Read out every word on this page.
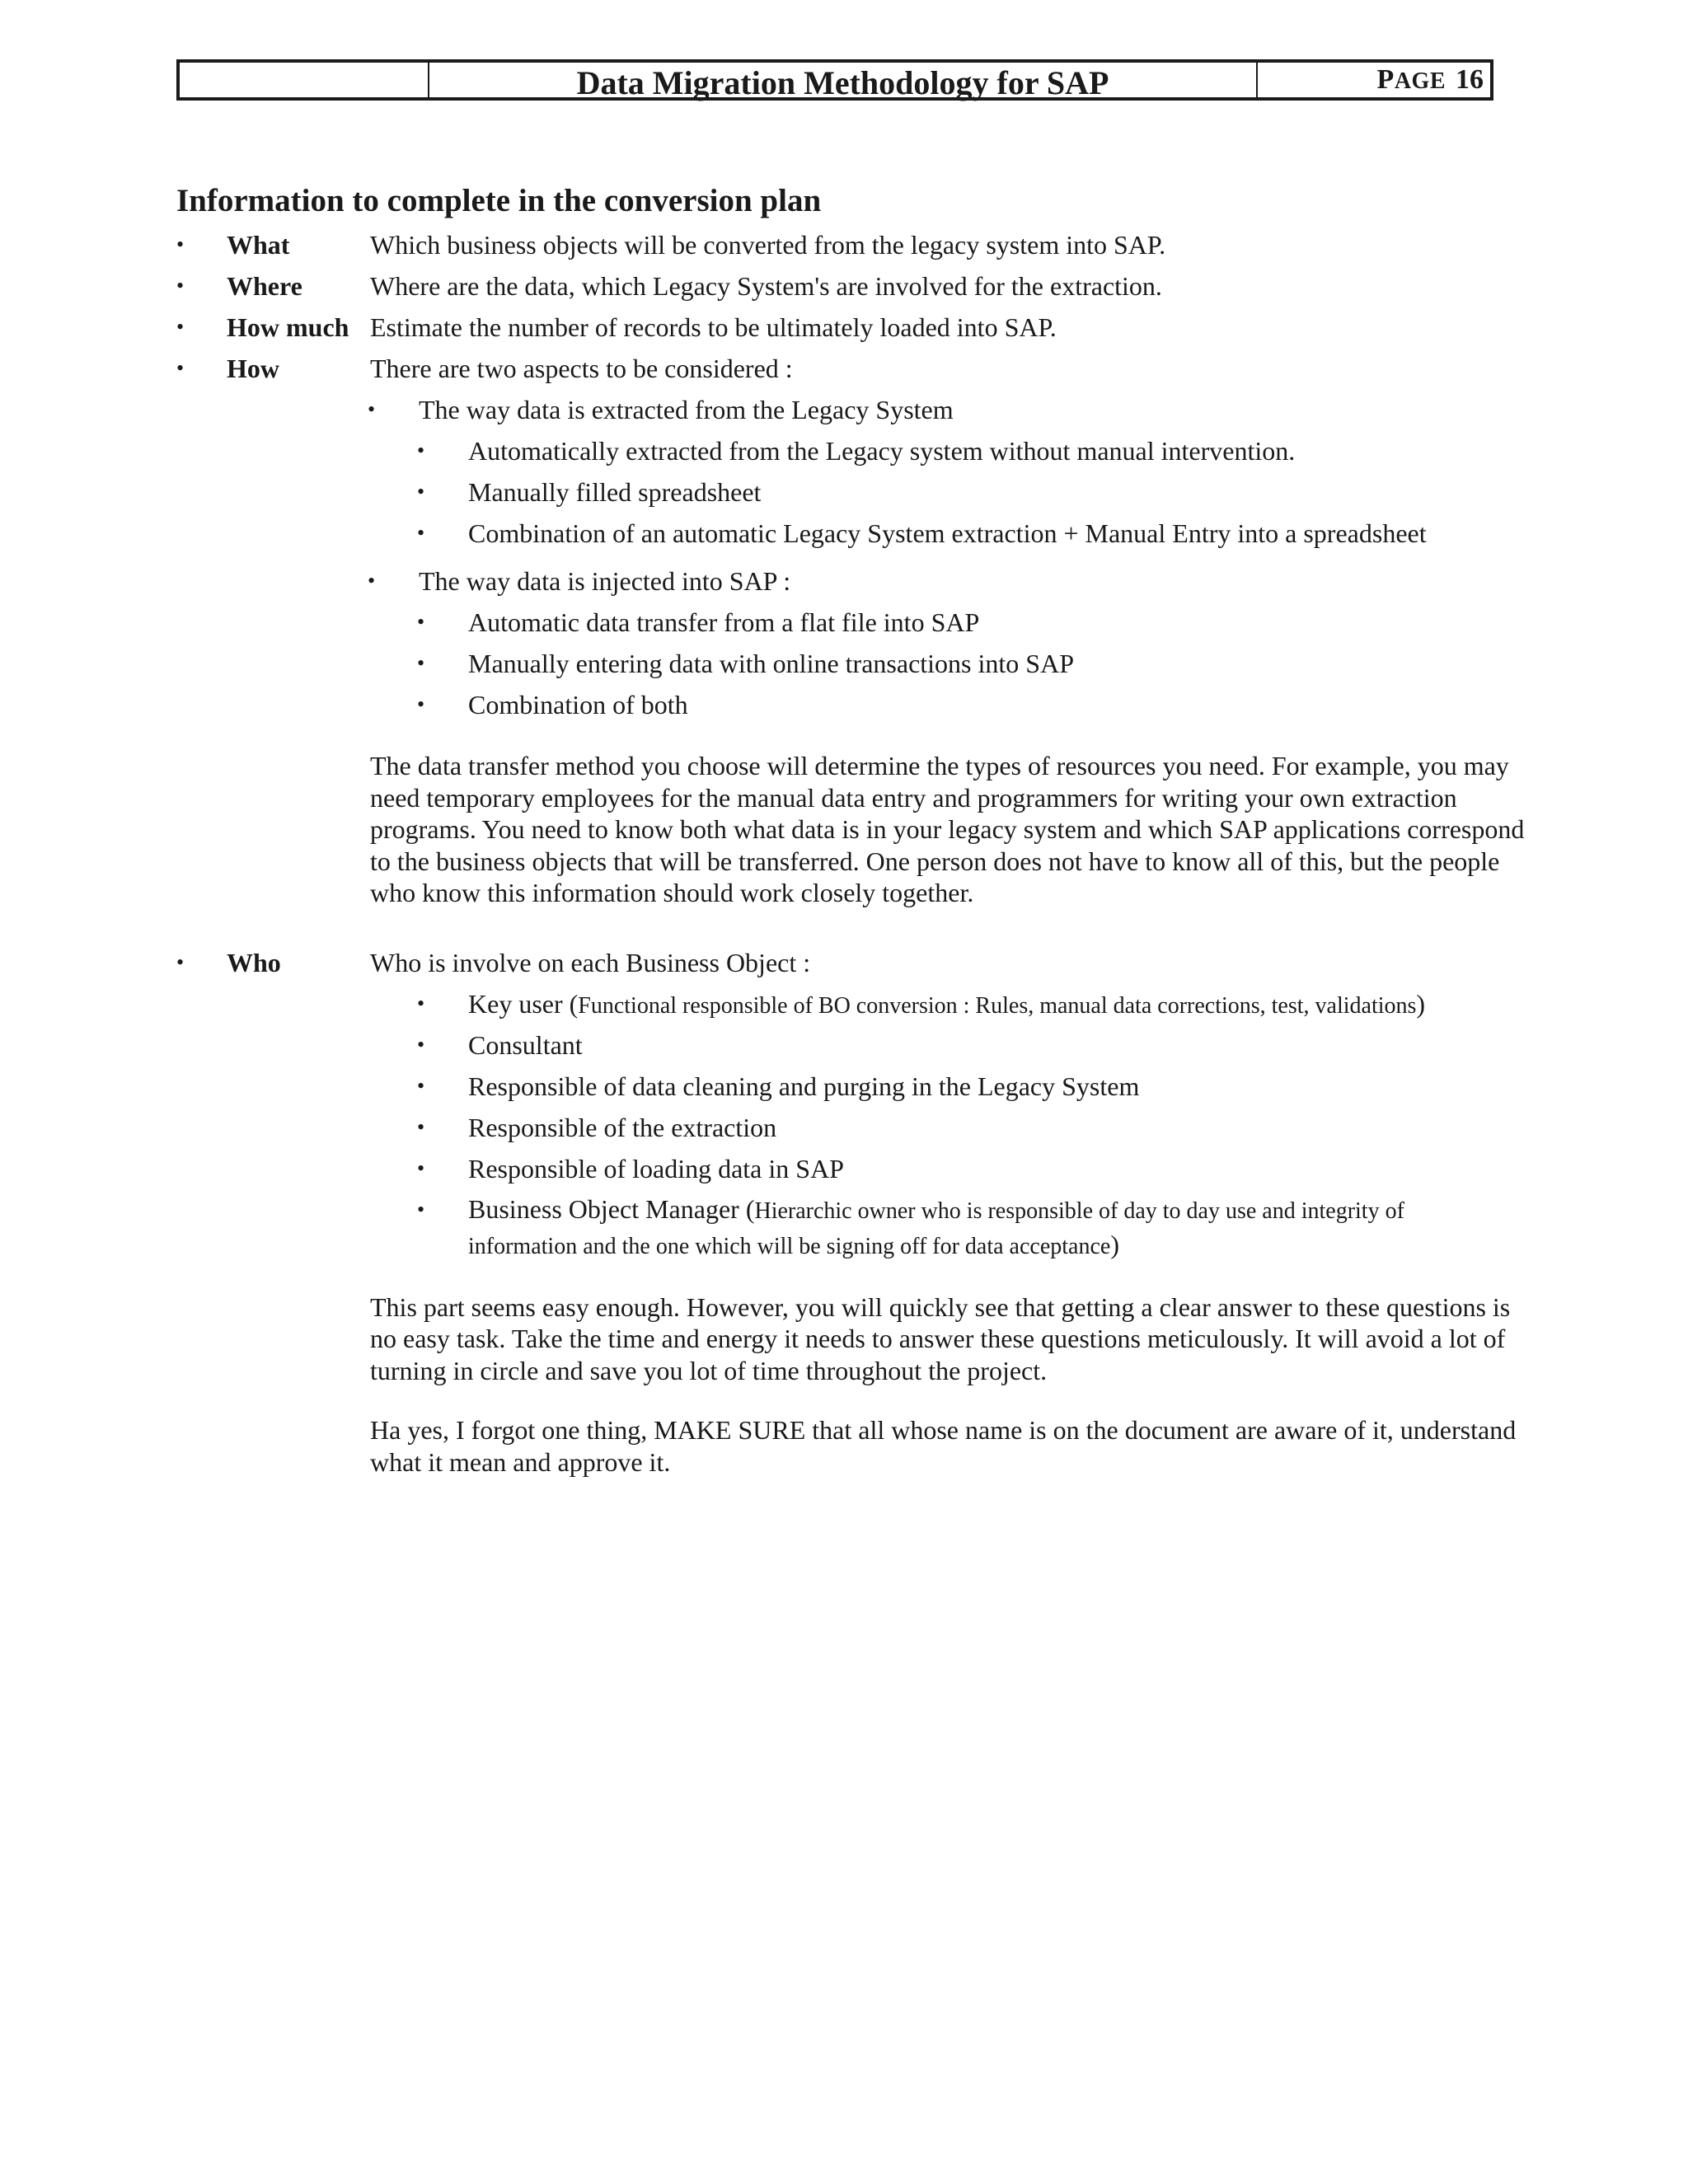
Data Migration Methodology for SAP	PAGE 16
Information to complete in the conversion plan
• What	Which business objects will be converted from the legacy system into SAP.
• Where	Where are the data, which Legacy System's are involved for the extraction.
• How much Estimate the number of records to be ultimately loaded into SAP.
• How	There are two aspects to be considered :
• The way data is extracted from the Legacy System
• Automatically extracted from the Legacy system without manual intervention.
• Manually filled spreadsheet
• Combination of an automatic Legacy System extraction + Manual Entry into a spreadsheet
• The way data is injected into SAP :
• Automatic data transfer from a flat file into SAP
• Manually entering data with online transactions into SAP
• Combination of both
The data transfer method you choose will determine the types of resources you need. For example, you may need temporary employees for the manual data entry and programmers for writing your own extraction programs. You need to know both what data is in your legacy system and which SAP applications correspond to the business objects that will be transferred. One person does not have to know all of this, but the people who know this information should work closely together.
• Who	Who is involve on each Business Object :
• Key user (Functional responsible of BO conversion : Rules, manual data corrections, test, validations)
• Consultant
• Responsible of data cleaning and purging in the Legacy System
• Responsible of the extraction
• Responsible of loading data in SAP
• Business Object Manager (Hierarchic owner who is responsible of day to day use and integrity of information and the one which will be signing off for data acceptance)
This part seems easy enough. However, you will quickly see that getting a clear answer to these questions is no easy task. Take the time and energy it needs to answer these questions meticulously. It will avoid a lot of turning in circle and save you lot of time throughout the project.
Ha yes, I forgot one thing, MAKE SURE that all whose name is on the document are aware of it, understand what it mean and approve it.
